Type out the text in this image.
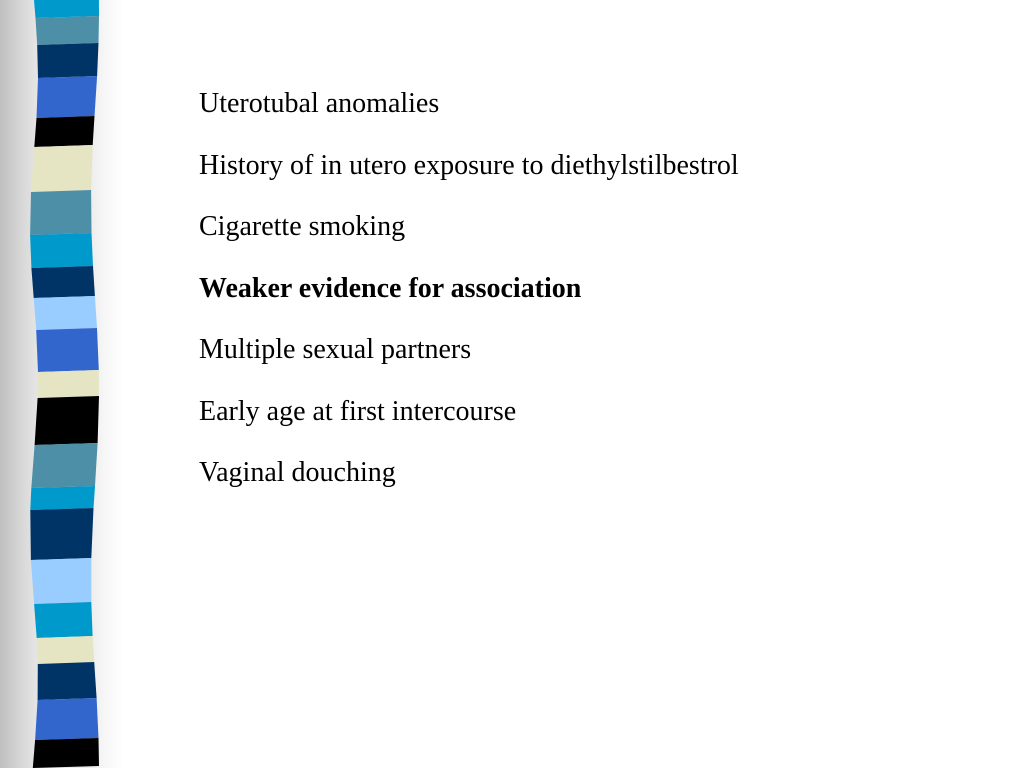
Uterotubal anomalies
History of in utero exposure to diethylstilbestrol
Cigarette smoking
Weaker evidence for association
Multiple sexual partners
Early age at first intercourse
Vaginal douching
